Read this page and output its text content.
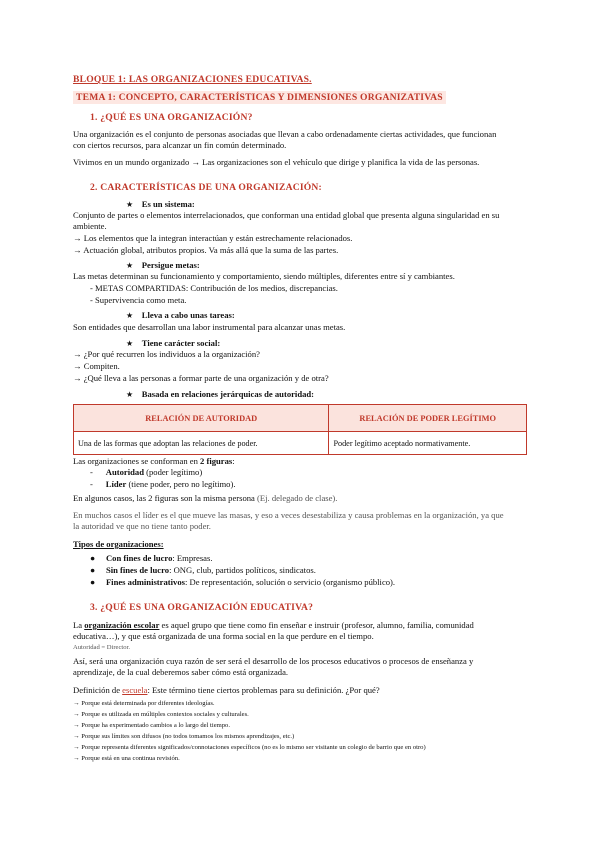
BLOQUE 1: LAS ORGANIZACIONES EDUCATIVAS.
TEMA 1: CONCEPTO, CARACTERÍSTICAS Y DIMENSIONES ORGANIZATIVAS
1. ¿QUÉ ES UNA ORGANIZACIÓN?
Una organización es el conjunto de personas asociadas que llevan a cabo ordenadamente ciertas actividades, que funcionan
con ciertos recursos, para alcanzar un fin común determinado.
Vivimos en un mundo organizado → Las organizaciones son el vehículo que dirige y planifica la vida de las personas.
2. CARACTERÍSTICAS DE UNA ORGANIZACIÓN:
★ Es un sistema:
Conjunto de partes o elementos interrelacionados, que conforman una entidad global que presenta alguna singularidad en su
ambiente.
→ Los elementos que la integran interactúan y están estrechamente relacionados.
→ Actuación global, atributos propios. Va más allá que la suma de las partes.
★ Persigue metas:
Las metas determinan su funcionamiento y comportamiento, siendo múltiples, diferentes entre sí y cambiantes.
- METAS COMPARTIDAS: Contribución de los medios, discrepancias.
- Supervivencia como meta.
★ Lleva a cabo unas tareas:
Son entidades que desarrollan una labor instrumental para alcanzar unas metas.
★ Tiene carácter social:
→ ¿Por qué recurren los individuos a la organización?
→ Compiten.
→ ¿Qué lleva a las personas a formar parte de una organización y de otra?
★ Basada en relaciones jerárquicas de autoridad:
RELACIÓN DE AUTORIDAD	RELACIÓN DE PODER LEGÍTIMO
Una de las formas que adoptan las relaciones de poder.	Poder legítimo aceptado normativamente.
Las organizaciones se conforman en 2 figuras:
-      Autoridad (poder legítimo)
-      Líder (tiene poder, pero no legítimo).
En algunos casos, las 2 figuras son la misma persona (Ej. delegado de clase).
En muchos casos el líder es el que mueve las masas, y eso a veces desestabiliza y causa problemas en la organización, ya que
la autoridad ve que no tiene tanto poder.
Tipos de organizaciones:
●     Con fines de lucro: Empresas.
●     Sin fines de lucro: ONG, club, partidos políticos, sindicatos.
●     Fines administrativos: De representación, solución o servicio (organismo público).
3. ¿QUÉ ES UNA ORGANIZACIÓN EDUCATIVA?
La organización escolar es aquel grupo que tiene como fin enseñar e instruir (profesor, alumno, familia, comunidad
educativa…), y que está organizada de una forma social en la que perdure en el tiempo.
Autoridad = Director.
Así, será una organización cuya razón de ser será el desarrollo de los procesos educativos o procesos de enseñanza y
aprendizaje, de la cual deberemos saber cómo está organizada.
Definición de escuela: Este término tiene ciertos problemas para su definición. ¿Por qué?
→ Porque está determinada por diferentes ideologías.
→ Porque es utilizada en múltiples contextos sociales y culturales.
→ Porque ha experimentado cambios a lo largo del tiempo.
→ Porque sus límites son difusos (no todos tomamos los mismos aprendizajes, etc.)
→ Porque representa diferentes significados/connotaciones específicos (no es lo mismo ser visitante un colegio de barrio que en otro)
→ Porque está en una continua revisión.
